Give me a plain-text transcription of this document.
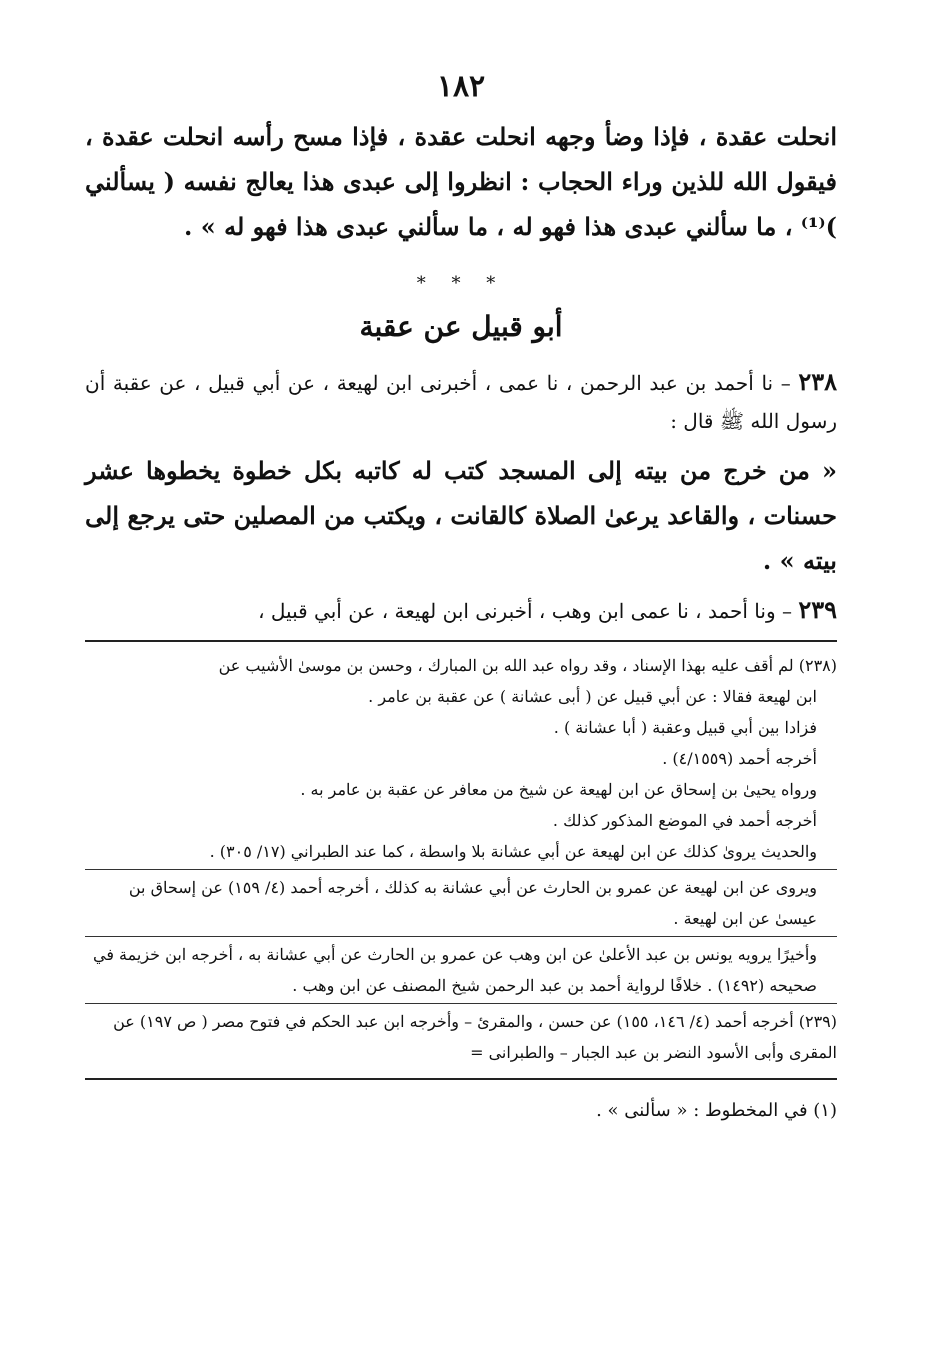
١٨٢

انحلت عقدة ، فإذا وضأ وجهه انحلت عقدة ، فإذا مسح رأسه انحلت عقدة ، فيقول الله للذين وراء الحجاب : انظروا إلى عبدى هذا يعالج نفسه ( يسألني )⁽¹⁾ ، ما سألني عبدى هذا فهو له ، ما سألني عبدى هذا فهو له » .

* * *
أبو قبيل عن عقبة

٢٣٨ – نا أحمد بن عبد الرحمن ، نا عمى ، أخبرنى ابن لهيعة ، عن أبي قبيل ، عن عقبة أن رسول الله ﷺ قال :

« من خرج من بيته إلى المسجد كتب له كاتبه بكل خطوة يخطوها عشر حسنات ، والقاعد يرعىٰ الصلاة كالقانت ، ويكتب من المصلين حتى يرجع إلى بيته » .

٢٣٩ – ونا أحمد ، نا عمى ابن وهب ، أخبرنى ابن لهيعة ، عن أبي قبيل ،

(٢٣٨) لم أقف عليه بهذا الإسناد ، وقد رواه عبد الله بن المبارك ، وحسن بن موسىٰ الأشيب عن

ابن لهيعة فقالا : عن أبي قبيل عن ( أبى عشانة ) عن عقبة بن عامر .

فزادا بين أبي قبيل وعقبة ( أبا عشانة ) .

أخرجه أحمد (٤/١٥٥٩) .

ورواه يحيىٰ بن إسحاق عن ابن لهيعة عن شيخ من معافر عن عقبة بن عامر به .

أخرجه أحمد في الموضع المذكور كذلك .

والحديث يروىٰ كذلك عن ابن لهيعة عن أبي عشانة بلا واسطة ، كما عند الطبراني (١٧/ ٣٠٥) .

ويروى عن ابن لهيعة عن عمرو بن الحارث عن أبي عشانة به كذلك ، أخرجه أحمد (٤/ ١٥٩) عن إسحاق بن عيسىٰ عن ابن لهيعة .

وأخيرًا يرويه يونس بن عبد الأعلىٰ عن ابن وهب عن عمرو بن الحارث عن أبي عشانة به ، أخرجه ابن خزيمة في صحيحه (١٤٩٢) . خلافًا لرواية أحمد بن عبد الرحمن شيخ المصنف عن ابن وهب .

(٢٣٩) أخرجه أحمد (٤/ ١٤٦، ١٥٥) عن حسن ، والمقرئ – وأخرجه ابن عبد الحكم في فتوح مصر ( ص ١٩٧) عن المقرى وأبى الأسود النضر بن عبد الجبار – والطبرانى =

(١) في المخطوط : « سألنى » .
